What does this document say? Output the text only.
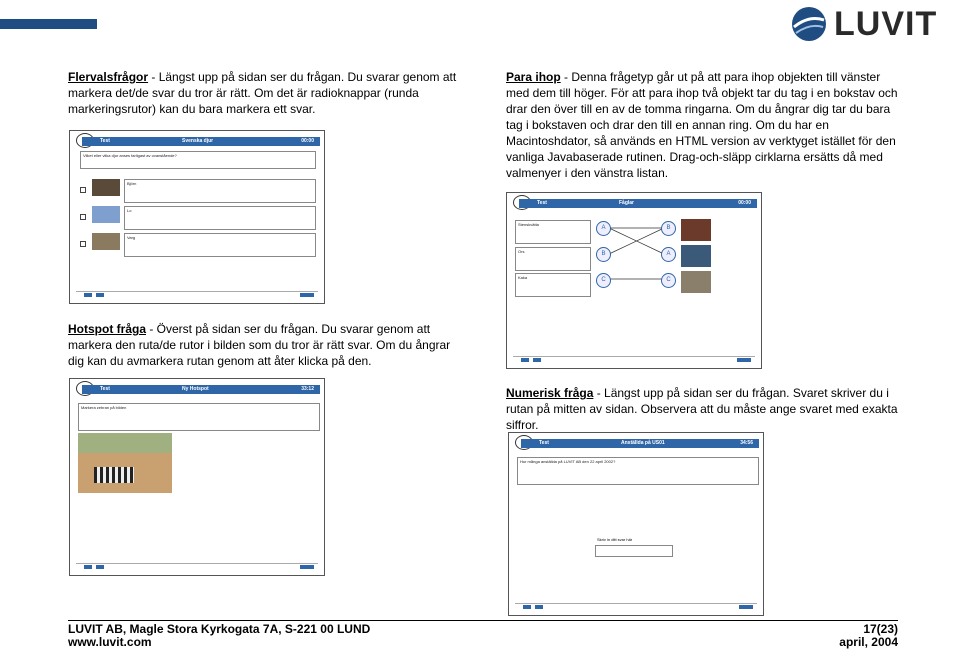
LUVIT
Flervalsfrågor - Längst upp på sidan ser du frågan. Du svarar genom att markera det/de svar du tror är rätt. Om det är radioknappar (runda markeringsrutor) kan du bara markera ett svar.
Test	Svenska djur	00:00
Vilket eller vilka djur anses farligast av ovanstående?
Björn
Lo
Varg
Para ihop - Denna frågetyp går ut på att para ihop objekten till vänster med dem till höger. För att para ihop två objekt tar du tag i en bokstav och drar den över till en av de tomma ringarna. Om du ångrar dig tar du bara tag i bokstaven och drar den till en annan ring. Om du har en Macintoshdator, så används en HTML version av verktyget istället för den vanliga Javabaserade rutinen. Drag-och-släpp cirklarna ersätts då med valmenyer i den vänstra listan.
Test	Fåglar	00:00
Stenskvätta
Ors
Kaka
A
B
C
B
A
C
Hotspot fråga - Överst på sidan ser du frågan. Du svarar genom att markera den ruta/de rutor i bilden som du tror är rätt svar. Om du ångrar dig kan du avmarkera rutan genom att åter klicka på den.
Test	Ny Hotspot	33:12
Markera zebran på bilden
Numerisk fråga - Längst upp på sidan ser du frågan. Svaret skriver du i rutan på mitten av sidan. Observera att du måste ange svaret med exakta siffror.
Test	Anställda på US01	34:56
Hur många anställda på LUVIT AB den 22 april 2002?
Skriv in ditt svar här
LUVIT AB, Magle Stora Kyrkogata 7A, S-221 00 LUND
www.luvit.com
17(23)
april, 2004
